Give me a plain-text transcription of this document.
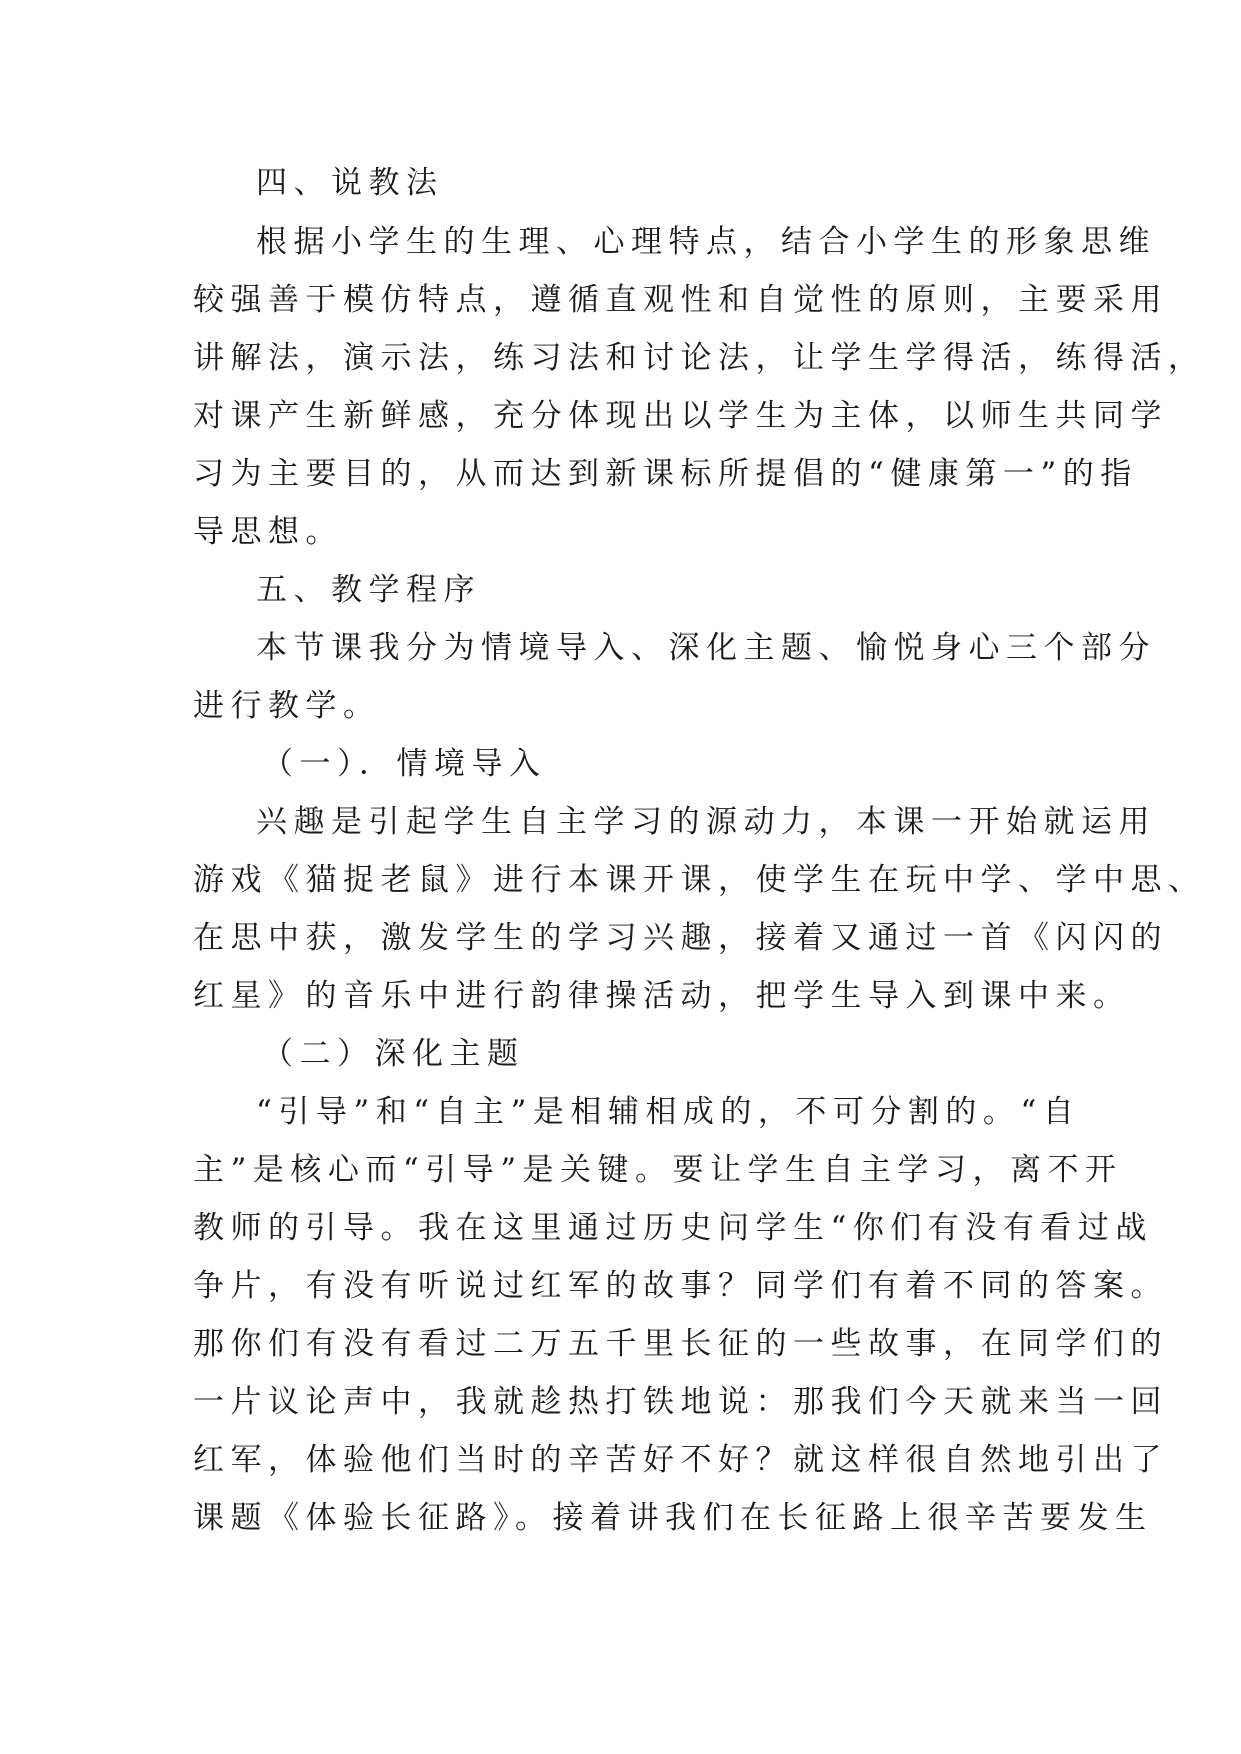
四、说教法
根据小学生的生理、心理特点，结合小学生的形象思维
较强善于模仿特点，遵循直观性和自觉性的原则，主要采用
讲解法，演示法，练习法和讨论法，让学生学得活，练得活，
对课产生新鲜感，充分体现出以学生为主体，以师生共同学
习为主要目的，从而达到新课标所提倡的“健康第一”的指
导思想。
五、教学程序
本节课我分为情境导入、深化主题、愉悦身心三个部分
进行教学。
（一）．情境导入
兴趣是引起学生自主学习的源动力，本课一开始就运用
游戏《猫捉老鼠》进行本课开课，使学生在玩中学、学中思、
在思中获，激发学生的学习兴趣，接着又通过一首《闪闪的
红星》的音乐中进行韵律操活动，把学生导入到课中来。
（二）深化主题
“引导”和“自主”是相辅相成的，不可分割的。“自
主”是核心而“引导”是关键。要让学生自主学习，离不开
教师的引导。我在这里通过历史问学生“你们有没有看过战
争片，有没有听说过红军的故事？同学们有着不同的答案。
那你们有没有看过二万五千里长征的一些故事，在同学们的
一片议论声中，我就趁热打铁地说：那我们今天就来当一回
红军，体验他们当时的辛苦好不好？就这样很自然地引出了
课题《体验长征路》。接着讲我们在长征路上很辛苦要发生
